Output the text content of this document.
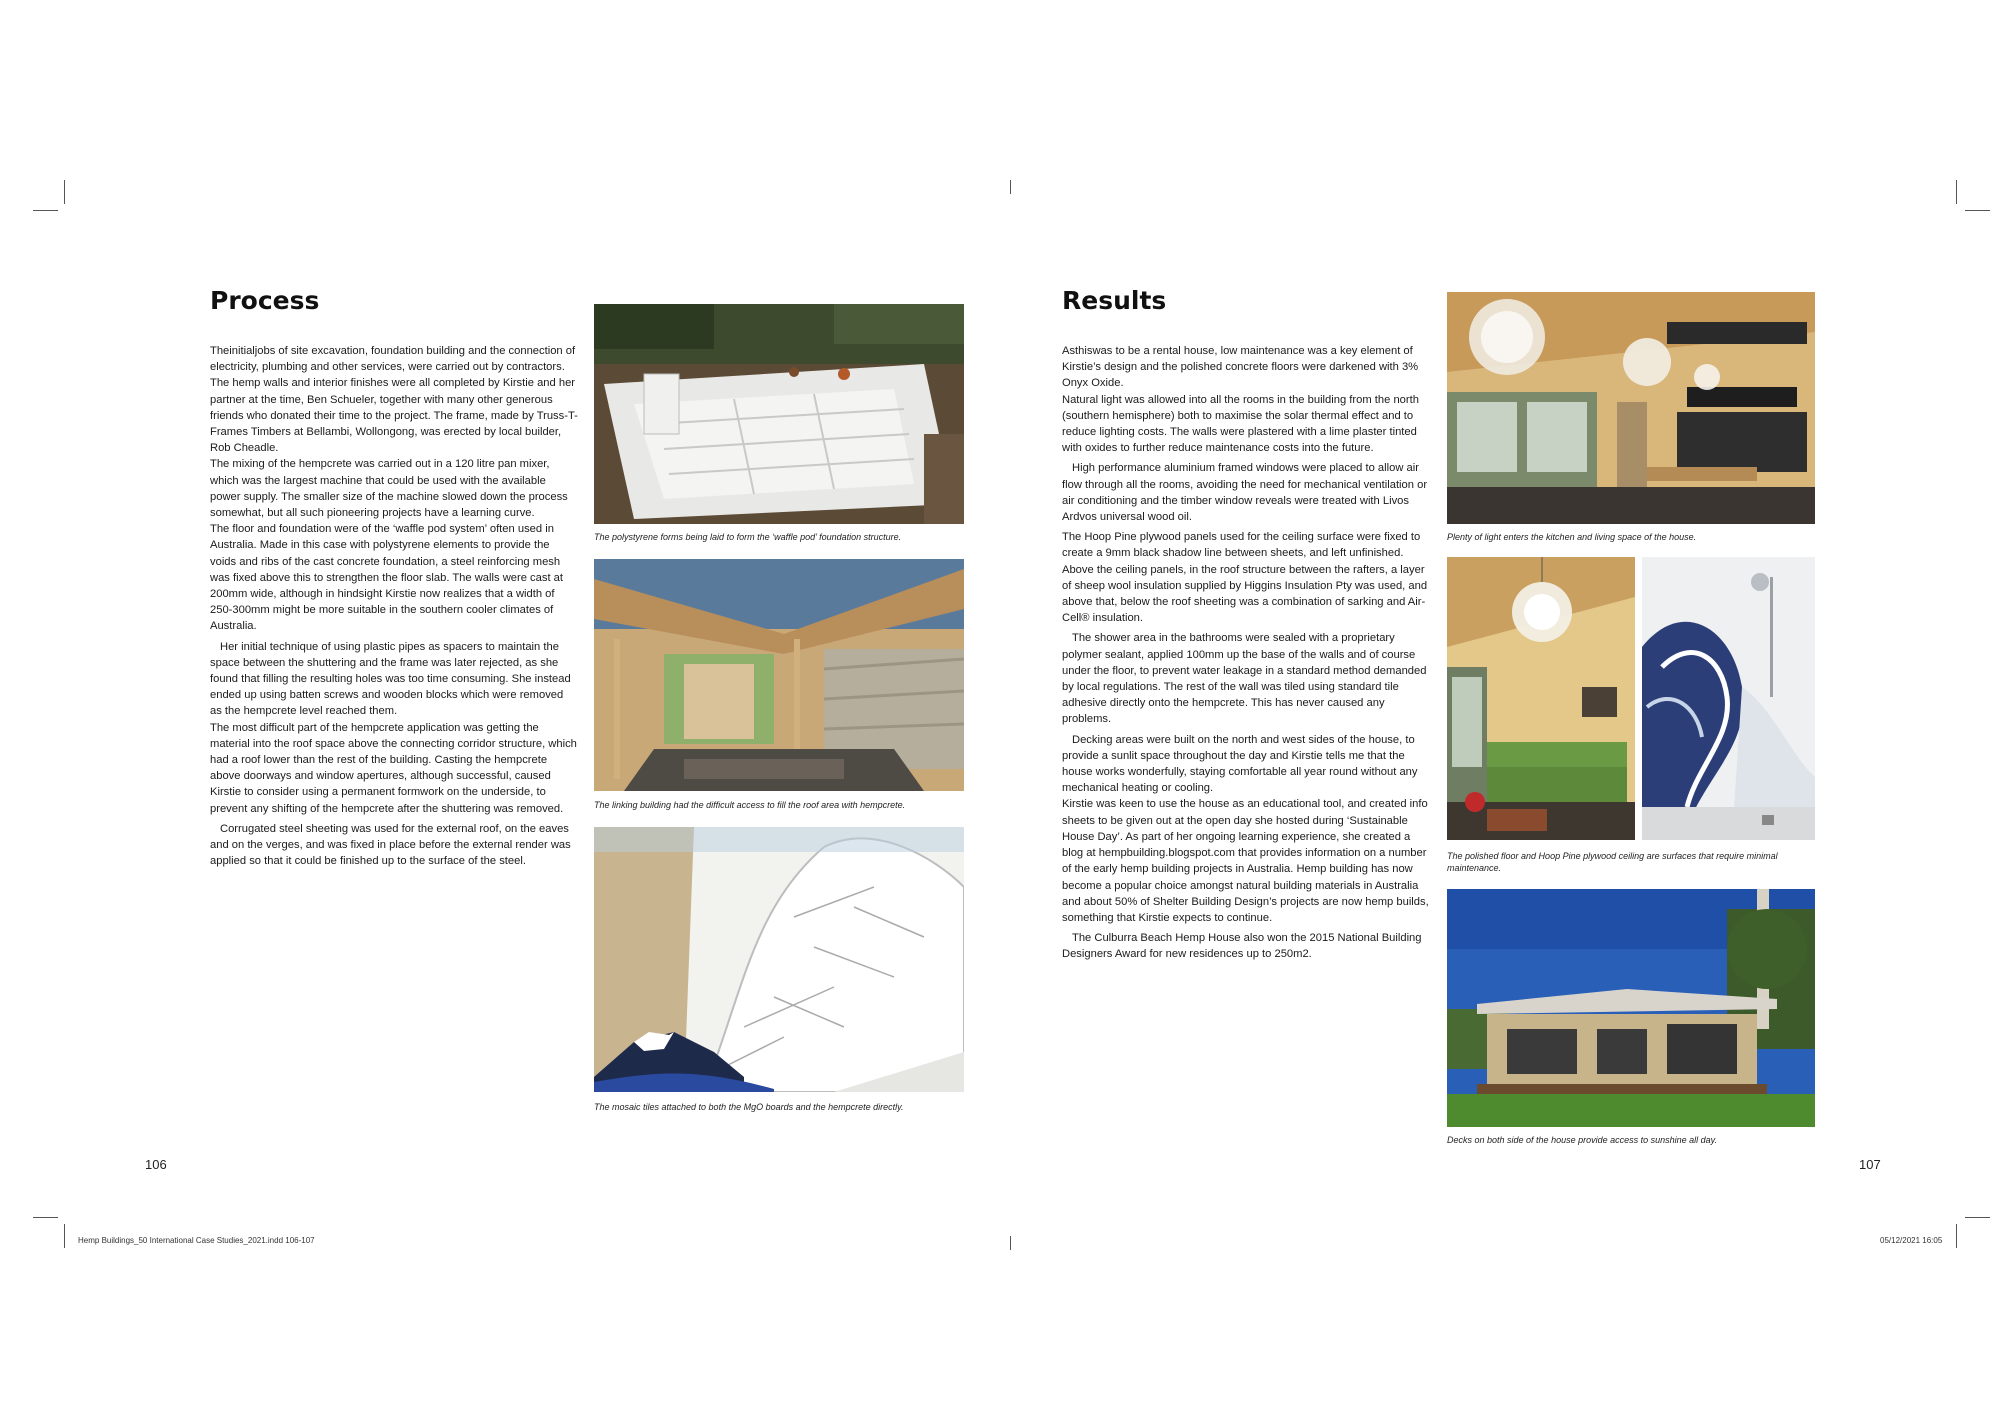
Process

Theinitialjobs of site excavation, foundation building and the connection of electricity, plumbing and other services, were carried out by contractors. The hemp walls and interior finishes were all completed by Kirstie and her partner at the time, Ben Schueler, together with many other generous friends who donated their time to the project. The frame, made by Truss-T-Frames Timbers at Bellambi, Wollongong, was erected by local builder, Rob Cheadle.

The mixing of the hempcrete was carried out in a 120 litre pan mixer, which was the largest machine that could be used with the available power supply. The smaller size of the machine slowed down the process somewhat, but all such pioneering projects have a learning curve.

The floor and foundation were of the ‘waffle pod system’ often used in Australia. Made in this case with polystyrene elements to provide the voids and ribs of the cast concrete foundation, a steel reinforcing mesh was fixed above this to strengthen the floor slab. The walls were cast at 200mm wide, although in hindsight Kirstie now realizes that a width of 250-300mm might be more suitable in the southern cooler climates of Australia.

Her initial technique of using plastic pipes as spacers to maintain the space between the shuttering and the frame was later rejected, as she found that filling the resulting holes was too time consuming. She instead ended up using batten screws and wooden blocks which were removed as the hempcrete level reached them.

The most difficult part of the hempcrete application was getting the material into the roof space above the connecting corridor structure, which had a roof lower than the rest of the building. Casting the hempcrete above doorways and window apertures, although successful, caused Kirstie to consider using a permanent formwork on the underside, to prevent any shifting of the hempcrete after the shuttering was removed.

Corrugated steel sheeting was used for the external roof, on the eaves and on the verges, and was fixed in place before the external render was applied so that it could be finished up to the surface of the steel.

The polystyrene forms being laid to form the ‘waffle pod’ foundation structure.
The linking building had the difficult access to fill the roof area with hempcrete.
The mosaic tiles attached to both the MgO boards and the hempcrete directly.
106
Results

Asthiswas to be a rental house, low maintenance was a key element of Kirstie’s design and the polished concrete floors were darkened with 3% Onyx Oxide.

Natural light was allowed into all the rooms in the building from the north (southern hemisphere) both to maximise the solar thermal effect and to reduce lighting costs. The walls were plastered with a lime plaster tinted with oxides to further reduce maintenance costs into the future.

High performance aluminium framed windows were placed to allow air flow through all the rooms, avoiding the need for mechanical ventilation or air conditioning and the timber window reveals were treated with Livos Ardvos universal wood oil.

The Hoop Pine plywood panels used for the ceiling surface were fixed to create a 9mm black shadow line between sheets, and left unfinished. Above the ceiling panels, in the roof structure between the rafters, a layer of sheep wool insulation supplied by Higgins Insulation Pty was used, and above that, below the roof sheeting was a combination of sarking and Air-Cell® insulation.

The shower area in the bathrooms were sealed with a proprietary polymer sealant, applied 100mm up the base of the walls and of course under the floor, to prevent water leakage in a standard method demanded by local regulations. The rest of the wall was tiled using standard tile adhesive directly onto the hempcrete. This has never caused any problems.

Decking areas were built on the north and west sides of the house, to provide a sunlit space throughout the day and Kirstie tells me that the house works wonderfully, staying comfortable all year round without any mechanical heating or cooling.

Kirstie was keen to use the house as an educational tool, and created info sheets to be given out at the open day she hosted during ‘Sustainable House Day’. As part of her ongoing learning experience, she created a blog at hempbuilding.blogspot.com that provides information on a number of the early hemp building projects in Australia. Hemp building has now become a popular choice amongst natural building materials in Australia and about 50% of Shelter Building Design’s projects are now hemp builds, something that Kirstie expects to continue.

The Culburra Beach Hemp House also won the 2015 National Building Designers Award for new residences up to 250m2.

Plenty of light enters the kitchen and living space of the house.
The polished floor and Hoop Pine plywood ceiling are surfaces that require minimal maintenance.
Decks on both side of the house provide access to sunshine all day.
107
Hemp Buildings_50 International Case Studies_2021.indd 106-107	05/12/2021 16:05
